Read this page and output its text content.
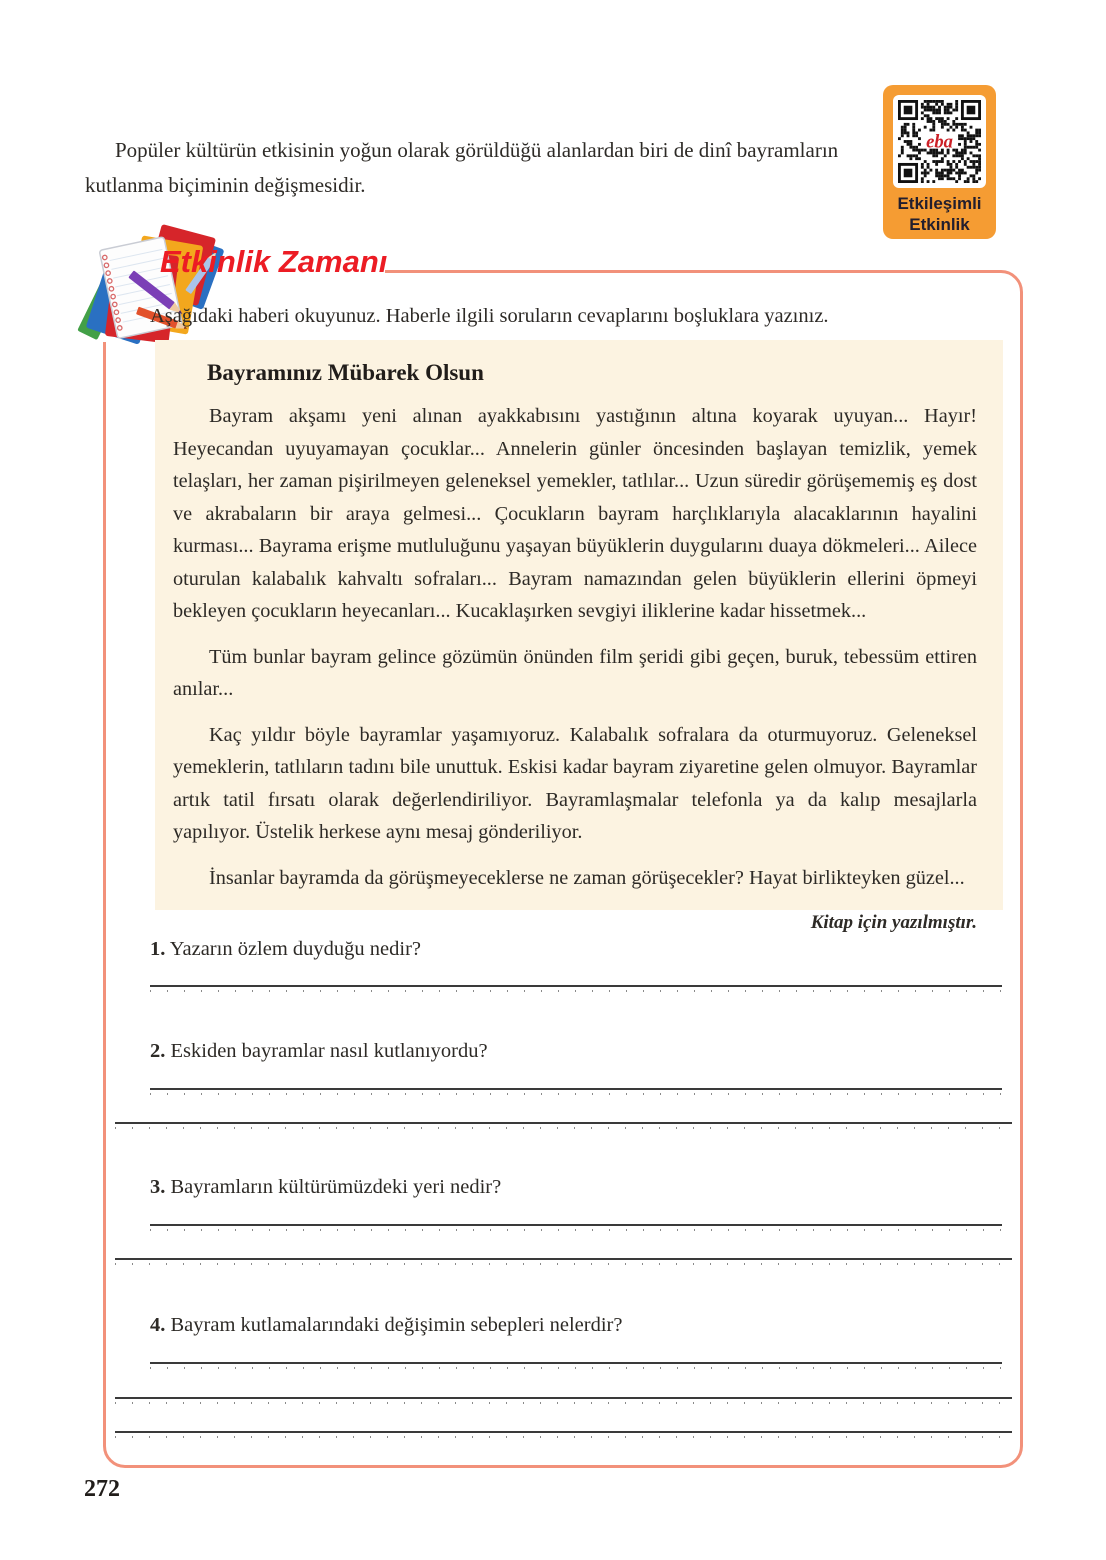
Popüler kültürün etkisinin yoğun olarak görüldüğü alanlardan biri de dinî bayramların kutlanma biçiminin değişmesidir.

eba
Etkileşimli
Etkinlik
Etkinlik Zamanı
Aşağıdaki haberi okuyunuz. Haberle ilgili soruların cevaplarını boşluklara yazınız.
Bayramınız Mübarek Olsun

Bayram akşamı yeni alınan ayakkabısını yastığının altına koyarak uyuyan... Hayır! Heyecandan uyuyamayan çocuklar... Annelerin günler öncesinden başlayan temizlik, yemek telaşları, her zaman pişirilmeyen geleneksel yemekler, tatlılar... Uzun süredir görüşememiş eş dost ve akrabaların bir araya gelmesi... Çocukların bayram harçlıklarıyla alacaklarının hayalini kurması... Bayrama erişme mutluluğunu yaşayan büyüklerin duygularını duaya dökmeleri... Ailece oturulan kalabalık kahvaltı sofraları... Bayram namazından gelen büyüklerin ellerini öpmeyi bekleyen çocukların heyecanları... Kucaklaşırken sevgiyi iliklerine kadar hissetmek...

Tüm bunlar bayram gelince gözümün önünden film şeridi gibi geçen, buruk, tebessüm ettiren anılar...

Kaç yıldır böyle bayramlar yaşamıyoruz. Kalabalık sofralara da oturmuyoruz. Geleneksel yemeklerin, tatlıların tadını bile unuttuk. Eskisi kadar bayram ziyaretine gelen olmuyor. Bayramlar artık tatil fırsatı olarak değerlendiriliyor. Bayramlaşmalar telefonla ya da kalıp mesajlarla yapılıyor. Üstelik herkese aynı mesaj gönderiliyor.

İnsanlar bayramda da görüşmeyeceklerse ne zaman görüşecekler? Hayat birlikteyken güzel...

Kitap için yazılmıştır.

1. Yazarın özlem duyduğu nedir?
2. Eskiden bayramlar nasıl kutlanıyordu?
3. Bayramların kültürümüzdeki yeri nedir?
4. Bayram kutlamalarındaki değişimin sebepleri nelerdir?
272
